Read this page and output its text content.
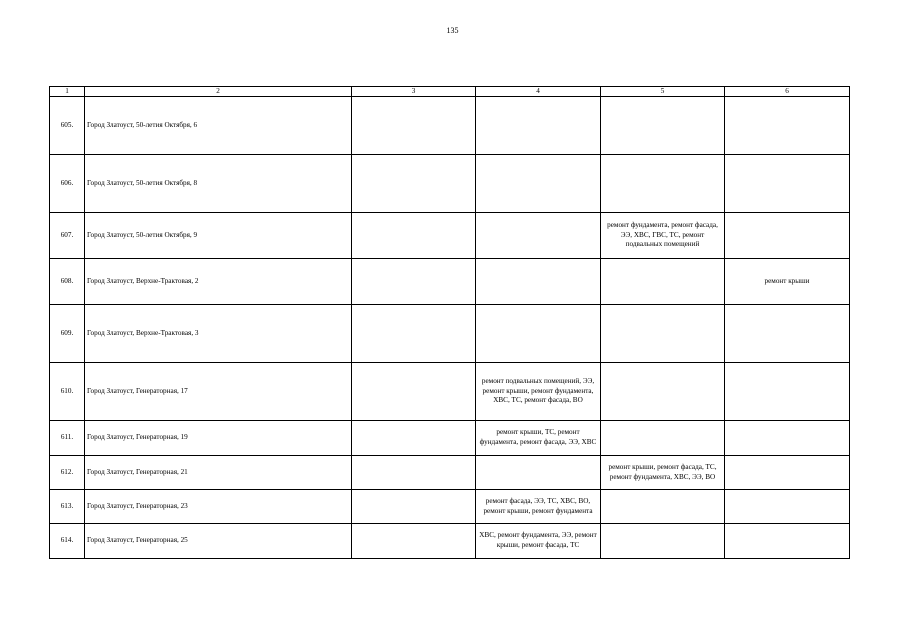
135
1	2	3	4	5	6
605.	Город Златоуст, 50-летия Октября, 6				
606.	Город Златоуст, 50-летия Октября, 8				
607.	Город Златоуст, 50-летия Октября, 9			ремонт фундамента, ремонт фасада, ЭЭ, ХВС, ГВС, ТС, ремонт подвальных помещений	
608.	Город Златоуст, Верхне-Трактовая, 2				ремонт крыши
609.	Город Златоуст, Верхне-Трактовая, 3				
610.	Город Златоуст, Генераторная, 17		ремонт подвальных помещений, ЭЭ, ремонт крыши, ремонт фундамента, ХВС, ТС, ремонт фасада, ВО		
611.	Город Златоуст, Генераторная, 19		ремонт крыши, ТС, ремонт фундамента, ремонт фасада, ЭЭ, ХВС		
612.	Город Златоуст, Генераторная, 21			ремонт крыши, ремонт фасада, ТС, ремонт фундамента, ХВС, ЭЭ, ВО	
613.	Город Златоуст, Генераторная, 23		ремонт фасада, ЭЭ, ТС, ХВС, ВО, ремонт крыши, ремонт фундамента		
614.	Город Златоуст, Генераторная, 25		ХВС, ремонт фундамента, ЭЭ, ремонт крыши, ремонт фасада, ТС		
